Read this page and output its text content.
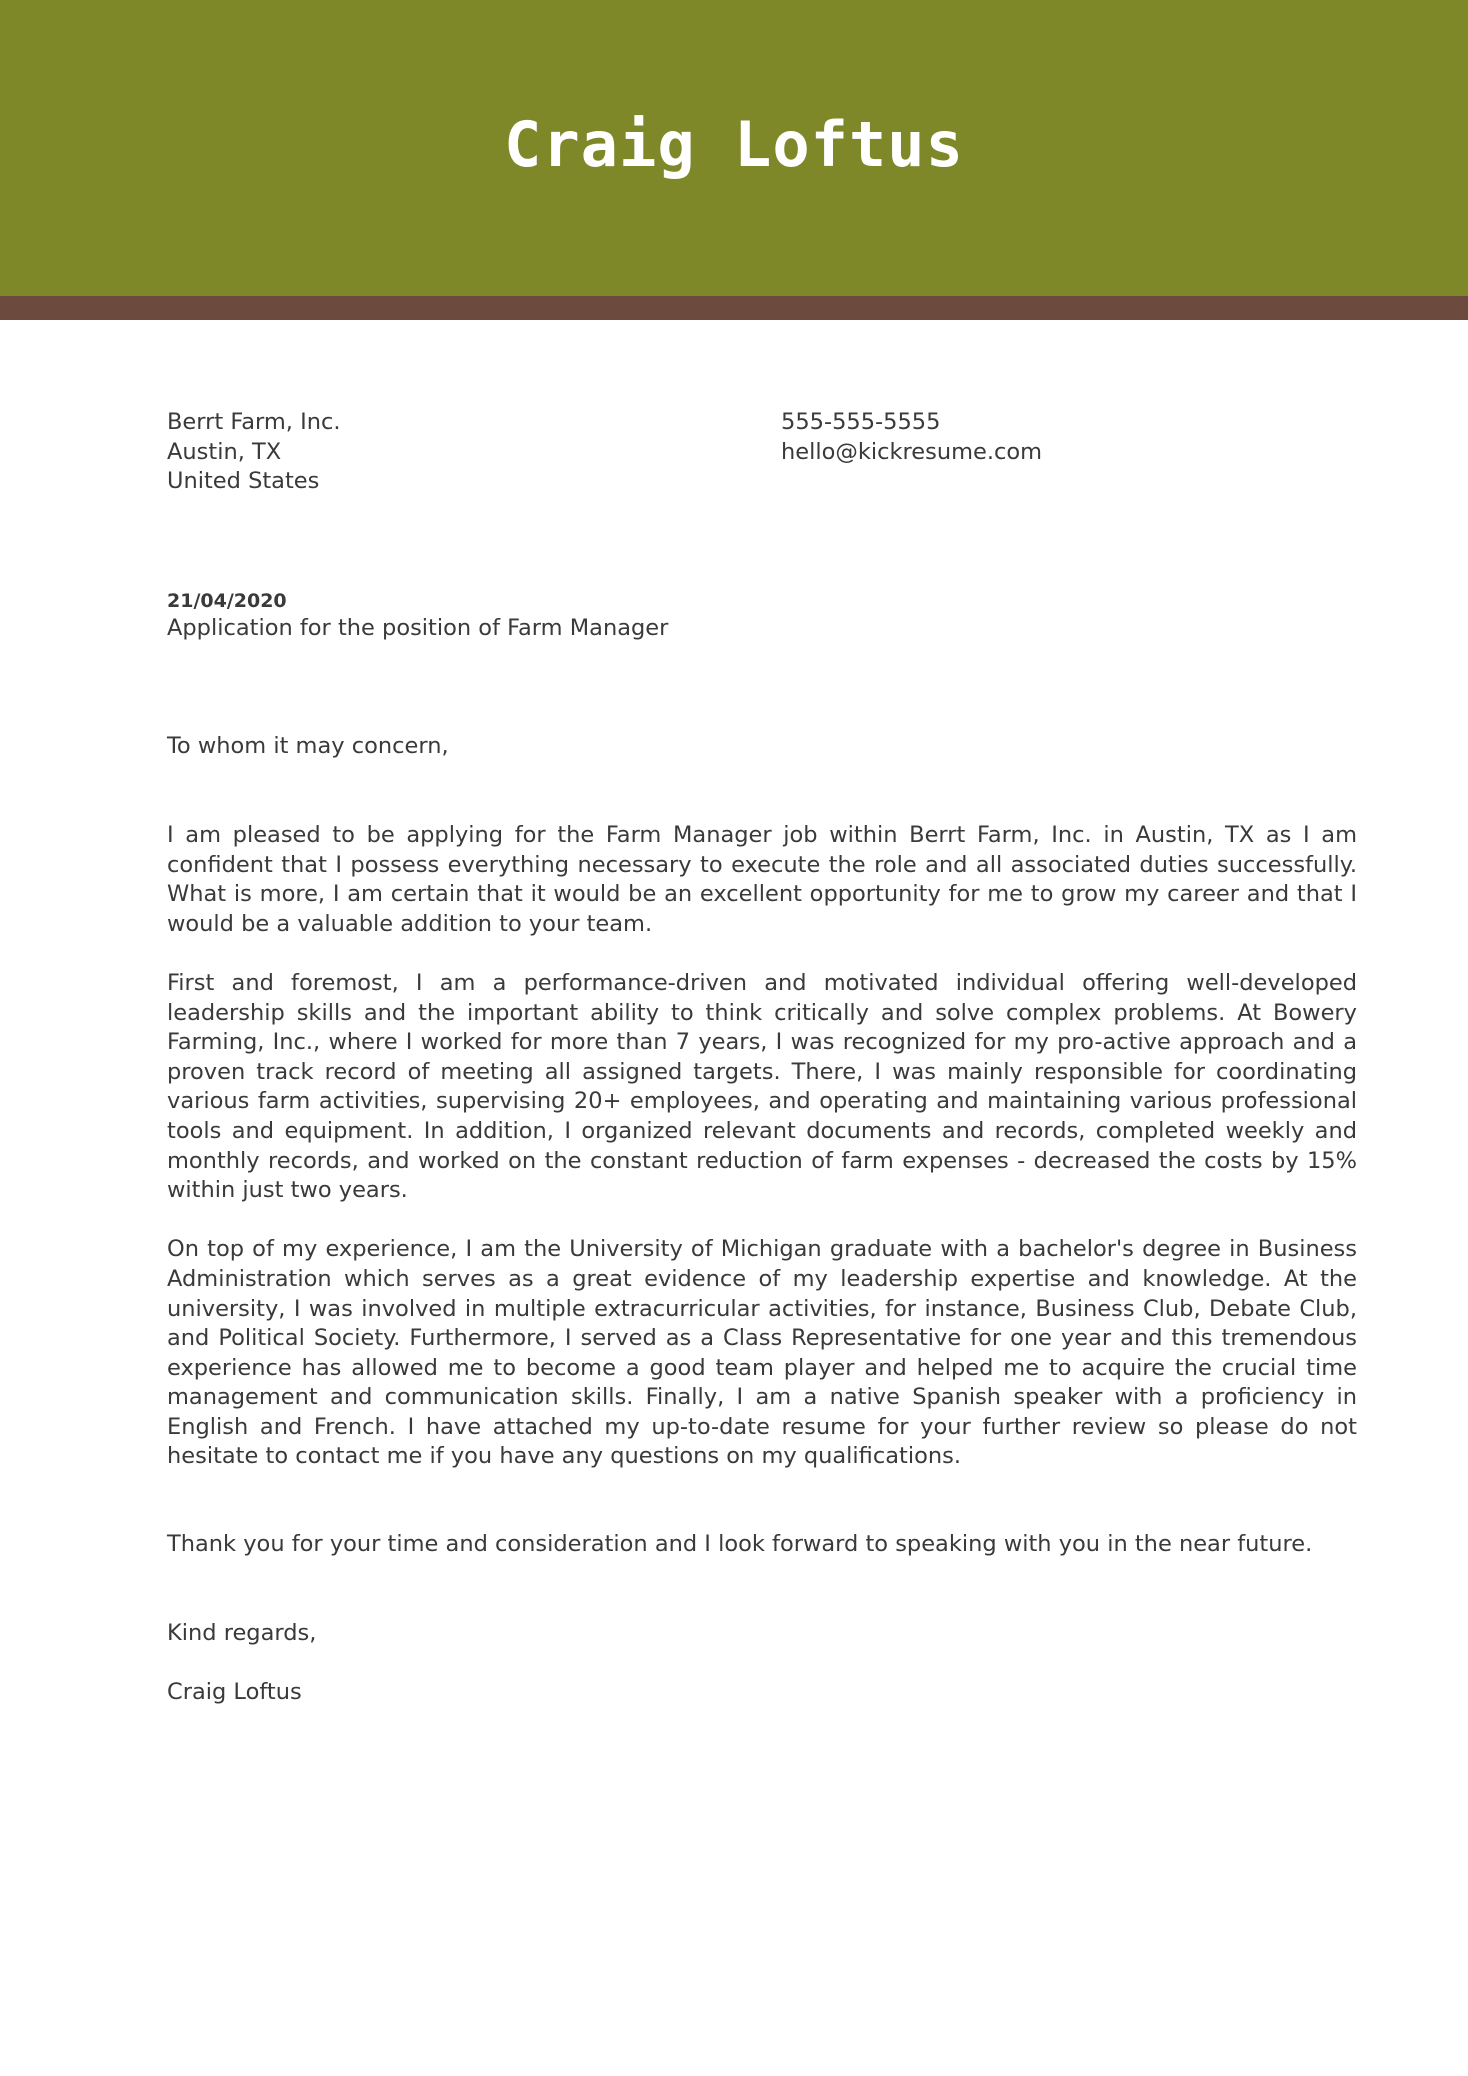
Craig Loftus
Berrt Farm, Inc.
Austin, TX
United States
555-555-5555
hello@kickresume.com
21/04/2020
Application for the position of Farm Manager
To whom it may concern,

I am pleased to be applying for the Farm Manager job within Berrt Farm, Inc. in Austin, TX as I am confident that I possess everything necessary to execute the role and all associated duties successfully. What is more, I am certain that it would be an excellent opportunity for me to grow my career and that I would be a valuable addition to your team.

First and foremost, I am a performance-driven and motivated individual offering well-developed leadership skills and the important ability to think critically and solve complex problems. At Bowery Farming, Inc., where I worked for more than 7 years, I was recognized for my pro-active approach and a proven track record of meeting all assigned targets. There, I was mainly responsible for coordinating various farm activities, supervising 20+ employees, and operating and maintaining various professional tools and equipment. In addition, I organized relevant documents and records, completed weekly and monthly records, and worked on the constant reduction of farm expenses - decreased the costs by 15% within just two years.

On top of my experience, I am the University of Michigan graduate with a bachelor's degree in Business Administration which serves as a great evidence of my leadership expertise and knowledge. At the university, I was involved in multiple extracurricular activities, for instance, Business Club, Debate Club, and Political Society. Furthermore, I served as a Class Representative for one year and this tremendous experience has allowed me to become a good team player and helped me to acquire the crucial time management and communication skills. Finally, I am a native Spanish speaker with a proficiency in English and French. I have attached my up-to-date resume for your further review so please do not hesitate to contact me if you have any questions on my qualifications.

Thank you for your time and consideration and I look forward to speaking with you in the near future.
Kind regards,
Craig Loftus
